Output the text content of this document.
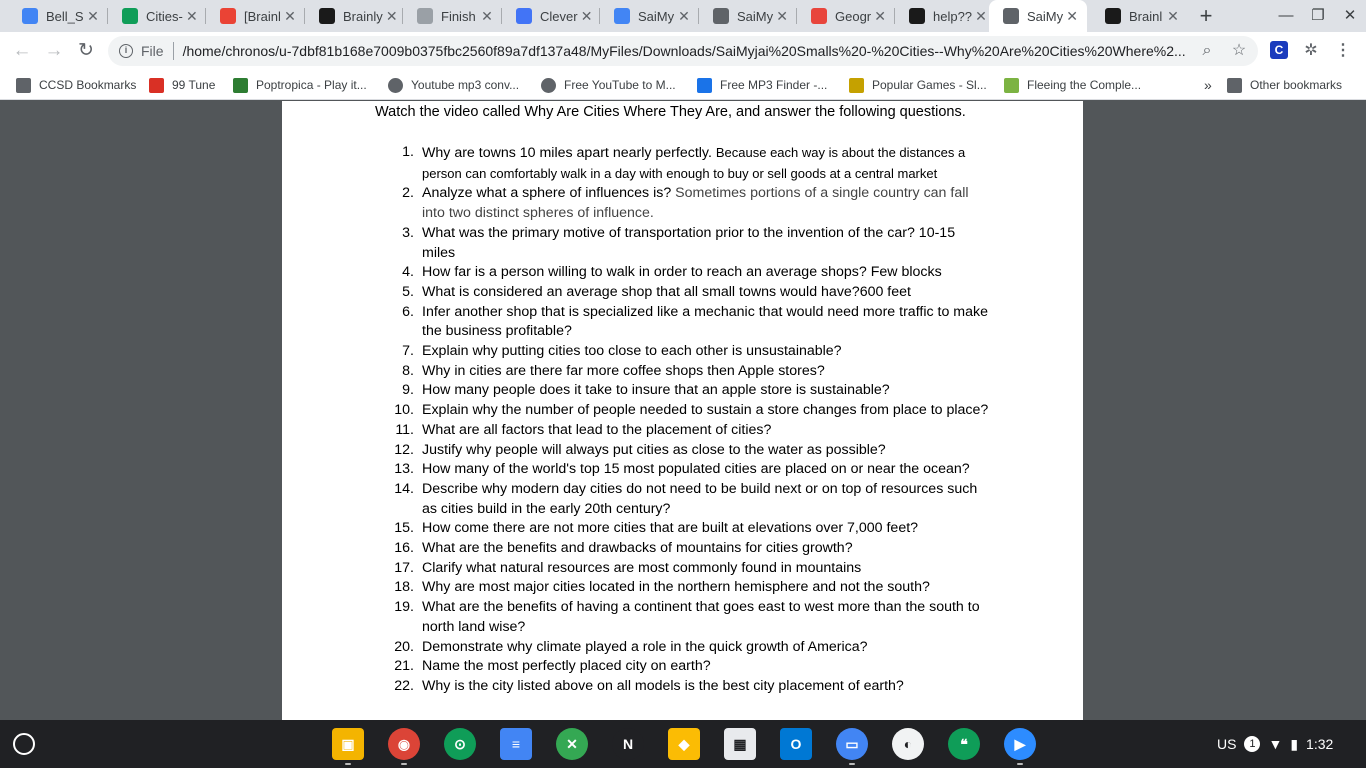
Bell_S ✕	Cities- ✕	[Brainl ✕	Brainly ✕	Finish ✕	Clever ✕	SaiMy ✕	SaiMy ✕	Geogr ✕	help?? ✕	SaiMy ✕	Brainl ✕ +	— ❐ ✕
← → ↻	i File /home/chronos/u-7dbf81b168e7009b0375fbc2560f89a7df137a48/MyFiles/Downloads/SaiMyjai%20Smalls%20-%20Cities--Why%20Are%20Cities%20Where%2...	⌕	☆	✲ ⋮
C
CCSD Bookmarks	99 Tune	Poptropica - Play it...	Youtube mp3 conv...	Free YouTube to M...	Free MP3 Finder -...	Popular Games - Sl...	Fleeing the Comple...	»	Other bookmarks
Watch the video called Why Are Cities Where They Are, and answer the following questions.
1. Why are towns 10 miles apart nearly perfectly. Because each way is about the distances a person can comfortably walk in a day with enough to buy or sell goods at a central market
2. Analyze what a sphere of influences is? Sometimes portions of a single country can fall into two distinct spheres of influence.
3. What was the primary motive of transportation prior to the invention of the car? 10-15 miles
4. How far is a person willing to walk in order to reach an average shops? Few blocks
5. What is considered an average shop that all small towns would have?600 feet
6. Infer another shop that is specialized like a mechanic that would need more traffic to make the business profitable?
7. Explain why putting cities too close to each other is unsustainable?
8. Why in cities are there far more coffee shops then Apple stores?
9. How many people does it take to insure that an apple store is sustainable?
10. Explain why the number of people needed to sustain a store changes from place to place?
11. What are all factors that lead to the placement of cities?
12. Justify why people will always put cities as close to the water as possible?
13. How many of the world's top 15 most populated cities are placed on or near the ocean?
14. Describe why modern day cities do not need to be build next or on top of resources such as cities build in the early 20th century?
15. How come there are not more cities that are built at elevations over 7,000 feet?
16. What are the benefits and drawbacks of mountains for cities growth?
17. Clarify what natural resources are most commonly found in mountains
18. Why are most major cities located in the northern hemisphere and not the south?
19. What are the benefits of having a continent that goes east to west more than the south to north land wise?
20. Demonstrate why climate played a role in the quick growth of America?
21. Name the most perfectly placed city on earth?
22. Why is the city listed above on all models is the best city placement of earth?
▣	◉	⊙	≡	✕	N	◆	▦	O	▭	◐	❝	▶	US	1 ▼ ▮ 1:32
